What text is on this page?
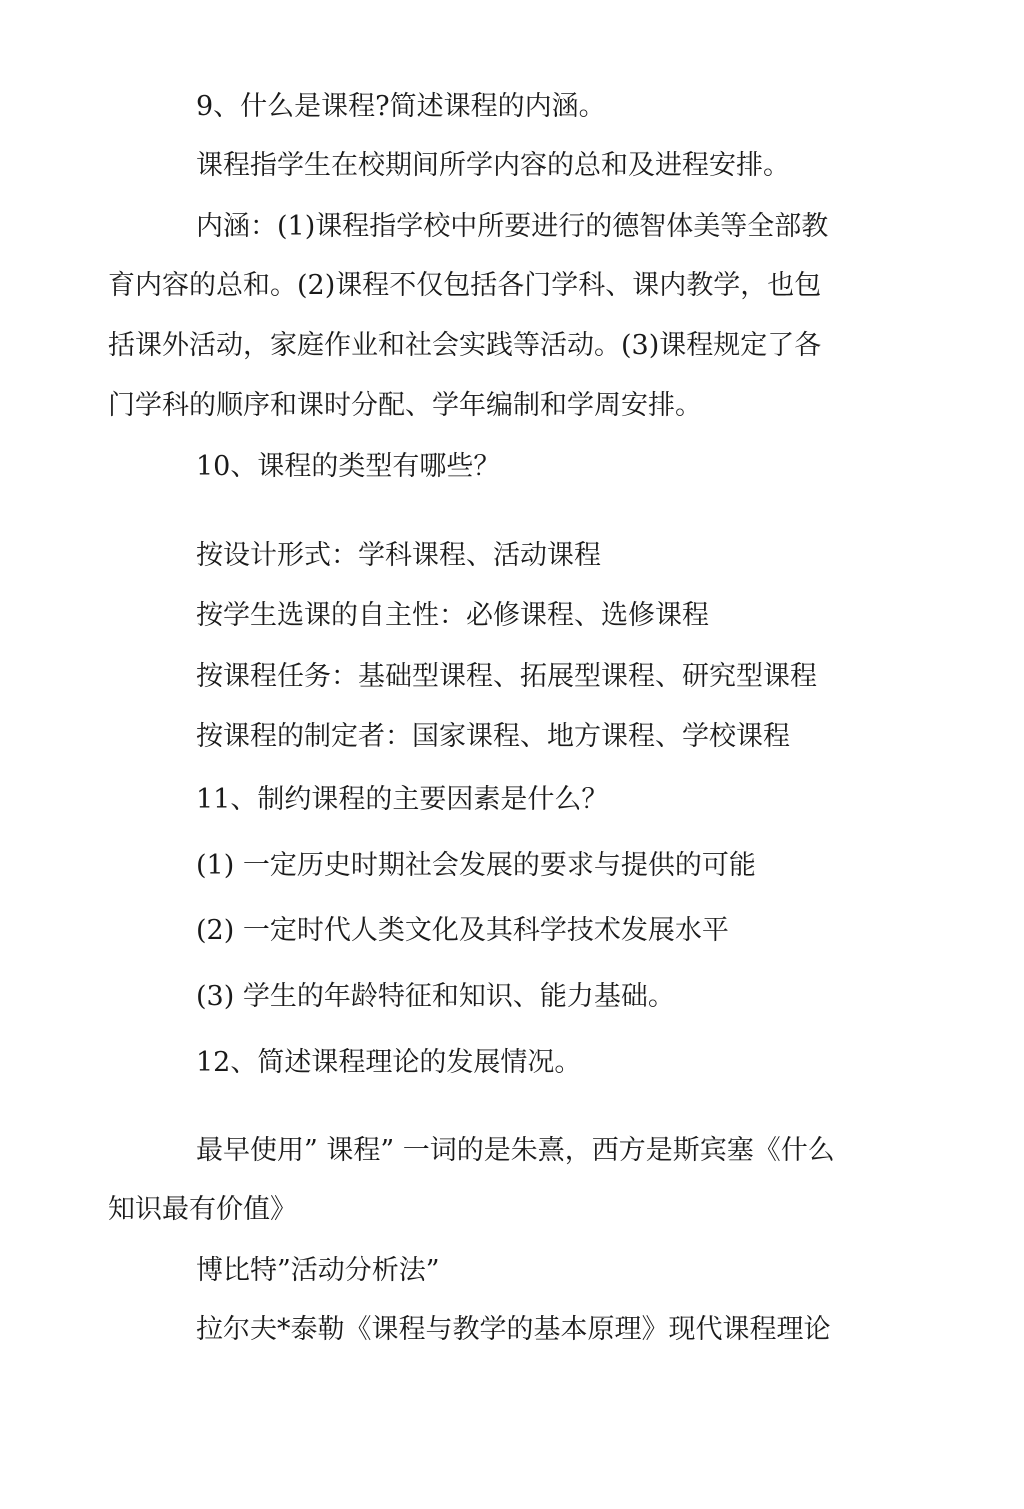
9、什么是课程?简述课程的内涵。
课程指学生在校期间所学内容的总和及进程安排。
内涵：(1)课程指学校中所要进行的德智体美等全部教
育内容的总和。(2)课程不仅包括各门学科、课内教学，也包
括课外活动，家庭作业和社会实践等活动。(3)课程规定了各
门学科的顺序和课时分配、学年编制和学周安排。
10、课程的类型有哪些？
按设计形式：学科课程、活动课程
按学生选课的自主性：必修课程、选修课程
按课程任务：基础型课程、拓展型课程、研究型课程
按课程的制定者：国家课程、地方课程、学校课程
11、制约课程的主要因素是什么？
(1) 一定历史时期社会发展的要求与提供的可能
(2) 一定时代人类文化及其科学技术发展水平
(3) 学生的年龄特征和知识、能力基础。
12、简述课程理论的发展情况。
最早使用” 课程” 一词的是朱熹，西方是斯宾塞《什么
知识最有价值》
博比特”活动分析法”
拉尔夫*泰勒《课程与教学的基本原理》现代课程理论
